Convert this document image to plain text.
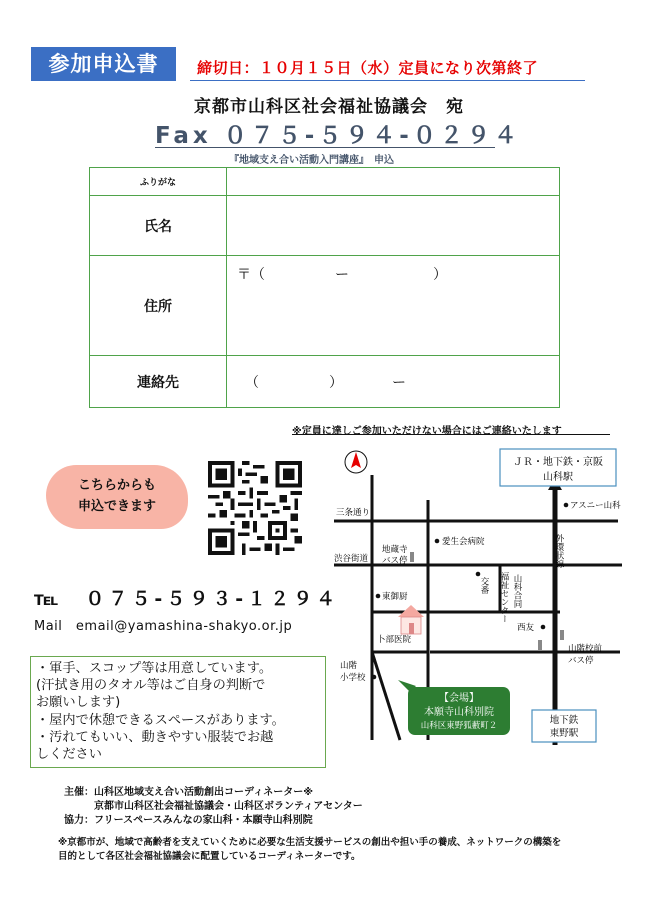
参加申込書	締切日：１０月１５日（水）定員になり次第終了
京都市山科区社会福祉協議会　宛
Fax ０７５-５９４-０２９４
『地域支え合い活動入門講座』　申込
ふりがな	
氏名	
住所	〒（　　　　　ー　　　　　　）
連絡先	（　　　　　）　　　　ー
※定員に達しご参加いただけない場合にはご連絡いたします
こちらからも
申込できます
℡　０７５-５９３-１２９４
Mail　email@yamashina-shakyo.or.jp
・軍手、スコップ等は用意しています。
(汗拭き用のタオル等はご自身の判断で
お願いします)
・屋内で休憩できるスペースがあります。
・汚れてもいい、動きやすい服装でお越
しください
ＪＲ・地下鉄・京阪
山科駅
アスニー山科
三条通り
愛生会病院
渋谷街道
地蔵寺
バス停	外環状線
交番 福祉センター 山科合同
東御厨
西友
卜部医院
山階
小学校
山階校前
バス停
【会場】
本願寺山科別院
山科区東野狐藪町２	地下鉄
東野駅
主催：山科区地域支え合い活動創出コーディネーター※
　　　京都市山科区社会福祉協議会・山科区ボランティアセンター
協力：フリースペースみんなの家山科・本願寺山科別院
※京都市が、地域で高齢者を支えていくために必要な生活支援サービスの創出や担い手の養成、ネットワークの構築を
目的として各区社会福祉協議会に配置しているコーディネーターです。
